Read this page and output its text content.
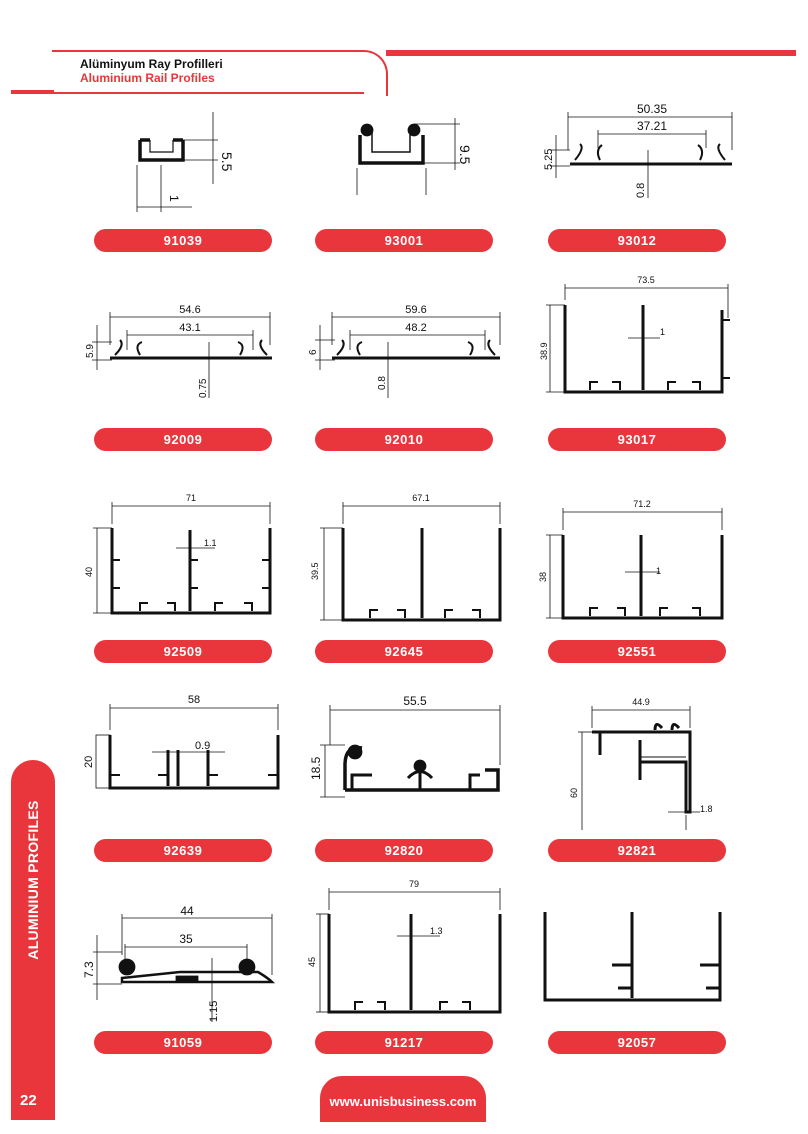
Alüminyum Ray Profilleri
Aluminium Rail Profiles
5.5
1
9.5
50.35
37.21
5.25
0.8
54.6
43.1
5.9
0.75
59.6
48.2
6
0.8
73.5
38.9
1
71
40
1.1
67.1
39.5
71.2
38
1
58
20
0.9
55.5
18.5
44.9
60
1.8
44
35
7.3
1.15
79
45
1.3
91039	93001	93012
92009	92010	93017
92509	92645	92551
92639	92820	92821
91059	91217	92057
ALUMINIUM PROFILES
22	www.unisbusiness.com
